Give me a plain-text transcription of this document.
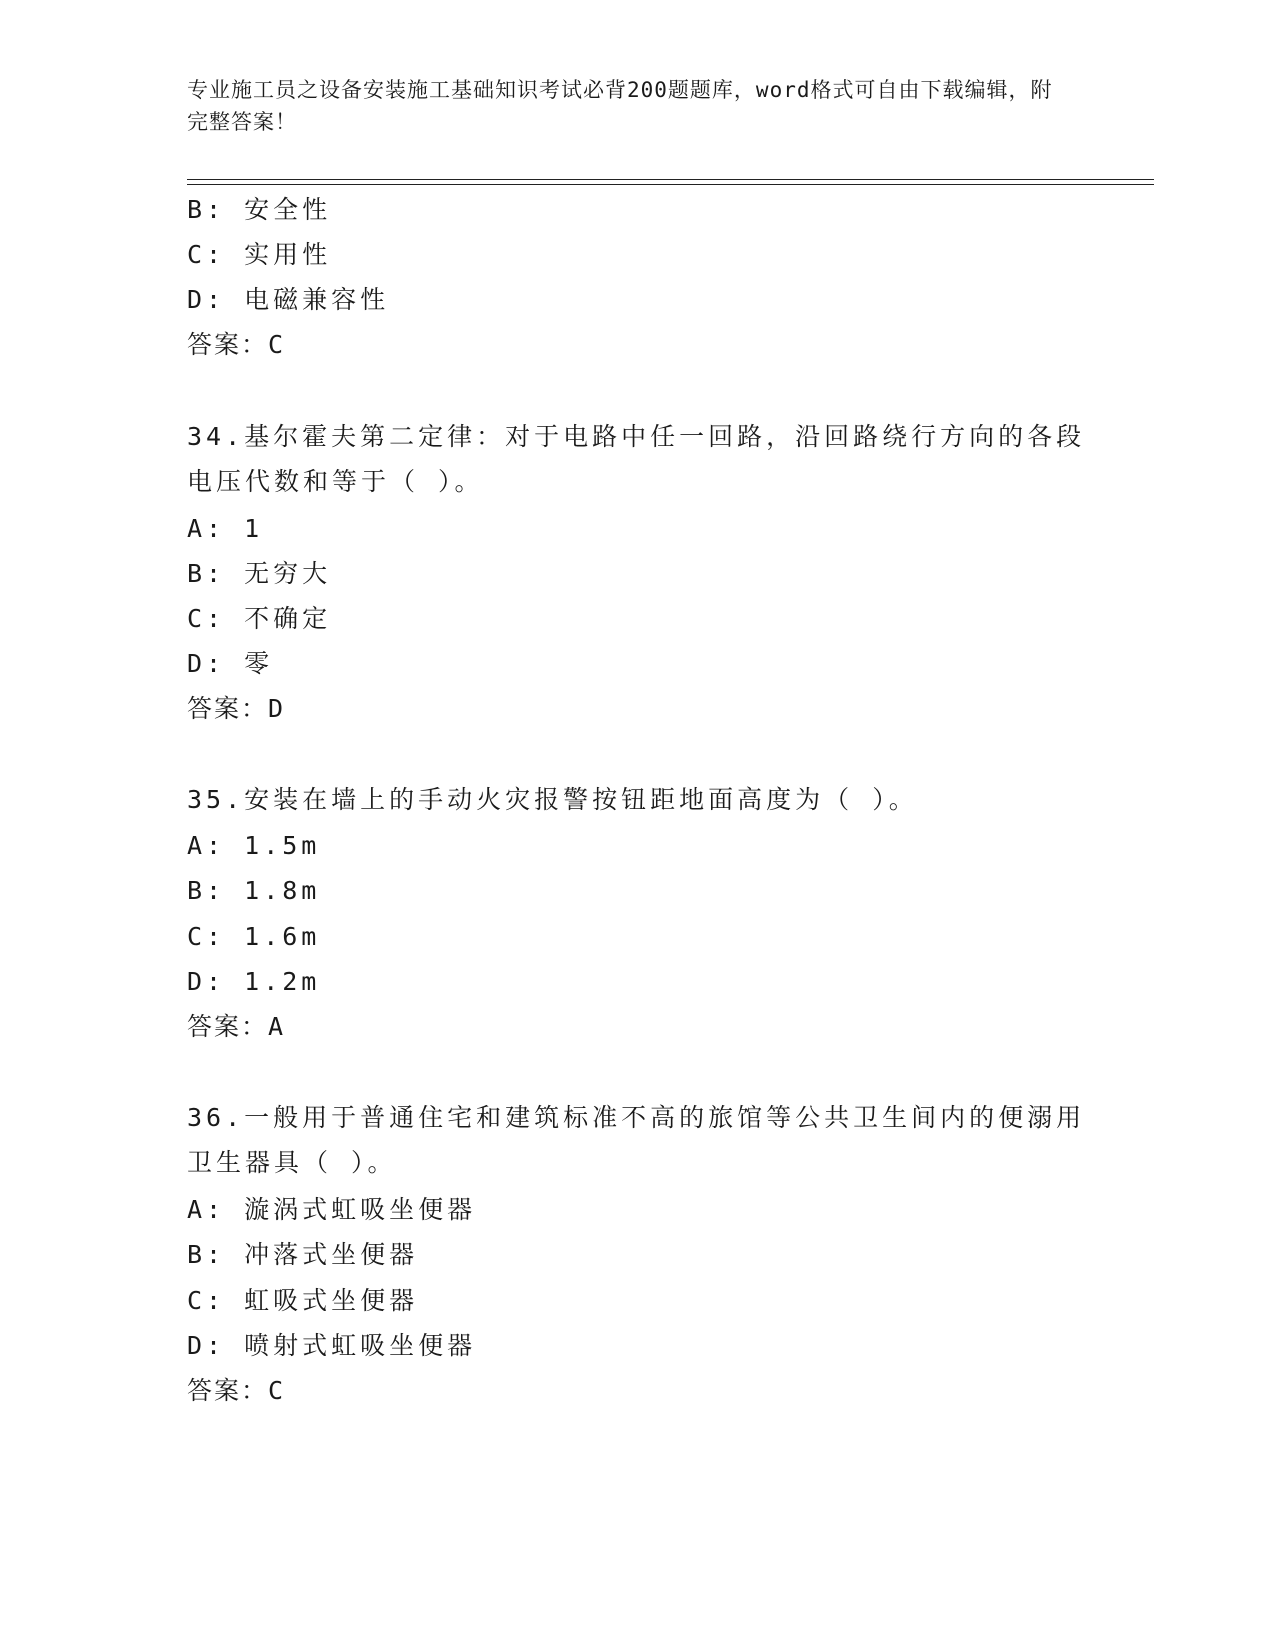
专业施工员之设备安装施工基础知识考试必背200题题库，word格式可自由下载编辑，附完整答案！
B: 安全性
C: 实用性
D: 电磁兼容性
答案：C
34.基尔霍夫第二定律：对于电路中任一回路，沿回路绕行方向的各段电压代数和等于（ ）。
A: 1
B: 无穷大
C: 不确定
D: 零
答案：D
35.安装在墙上的手动火灾报警按钮距地面高度为（ ）。
A: 1.5m
B: 1.8m
C: 1.6m
D: 1.2m
答案：A
36.一般用于普通住宅和建筑标准不高的旅馆等公共卫生间内的便溺用卫生器具（ ）。
A: 漩涡式虹吸坐便器
B: 冲落式坐便器
C: 虹吸式坐便器
D: 喷射式虹吸坐便器
答案：C
